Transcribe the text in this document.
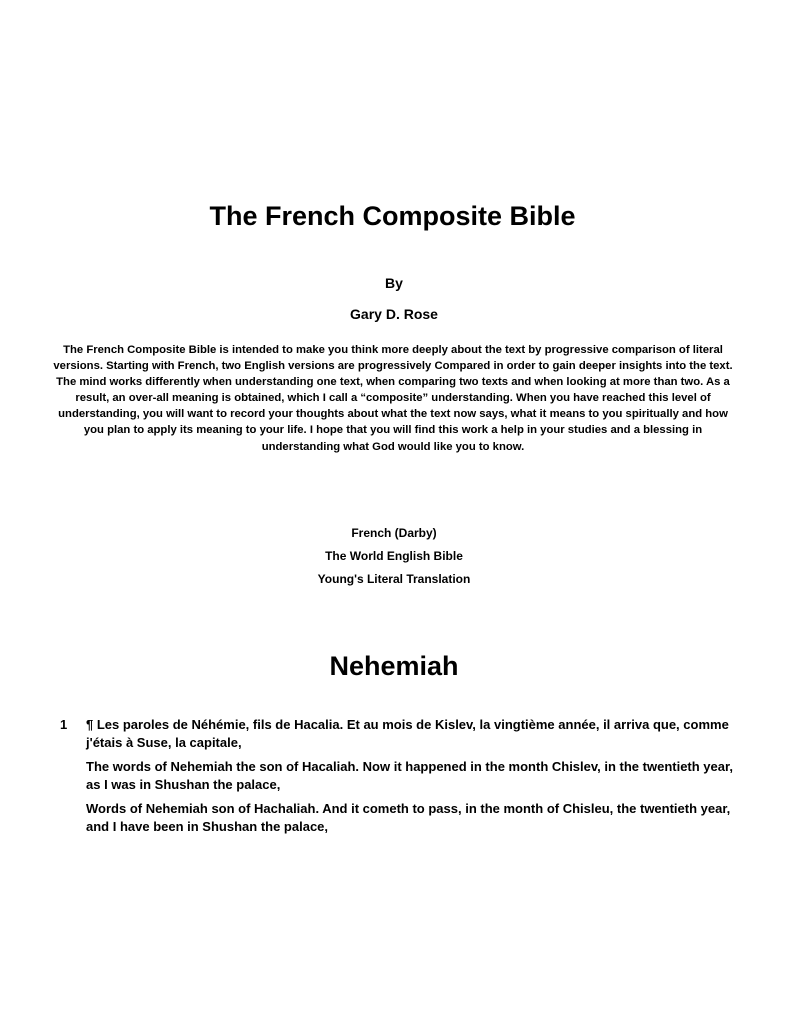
The French Composite Bible
By
Gary D. Rose

The French Composite Bible is intended to make you think more deeply about the text by progressive comparison of literal versions. Starting with French, two English versions are progressively Compared in order to gain deeper insights into the text. The mind works differently when understanding one text, when comparing two texts and when looking at more than two. As a result, an over-all meaning is obtained, which I call a “composite” understanding. When you have reached this level of understanding, you will want to record your thoughts about what the text now says, what it means to you spiritually and how you plan to apply its meaning to your life. I hope that you will find this work a help in your studies and a blessing in understanding what God would like you to know.

French (Darby)
The World English Bible
Young's Literal Translation
Nehemiah
1 ¶ Les paroles de Néhémie, fils de Hacalia. Et au mois de Kislev, la vingtième année, il arriva que, comme j'étais à Suse, la capitale,

The words of Nehemiah the son of Hacaliah. Now it happened in the month Chislev, in the twentieth year, as I was in Shushan the palace,

Words of Nehemiah son of Hachaliah. And it cometh to pass, in the month of Chisleu, the twentieth year, and I have been in Shushan the palace,
